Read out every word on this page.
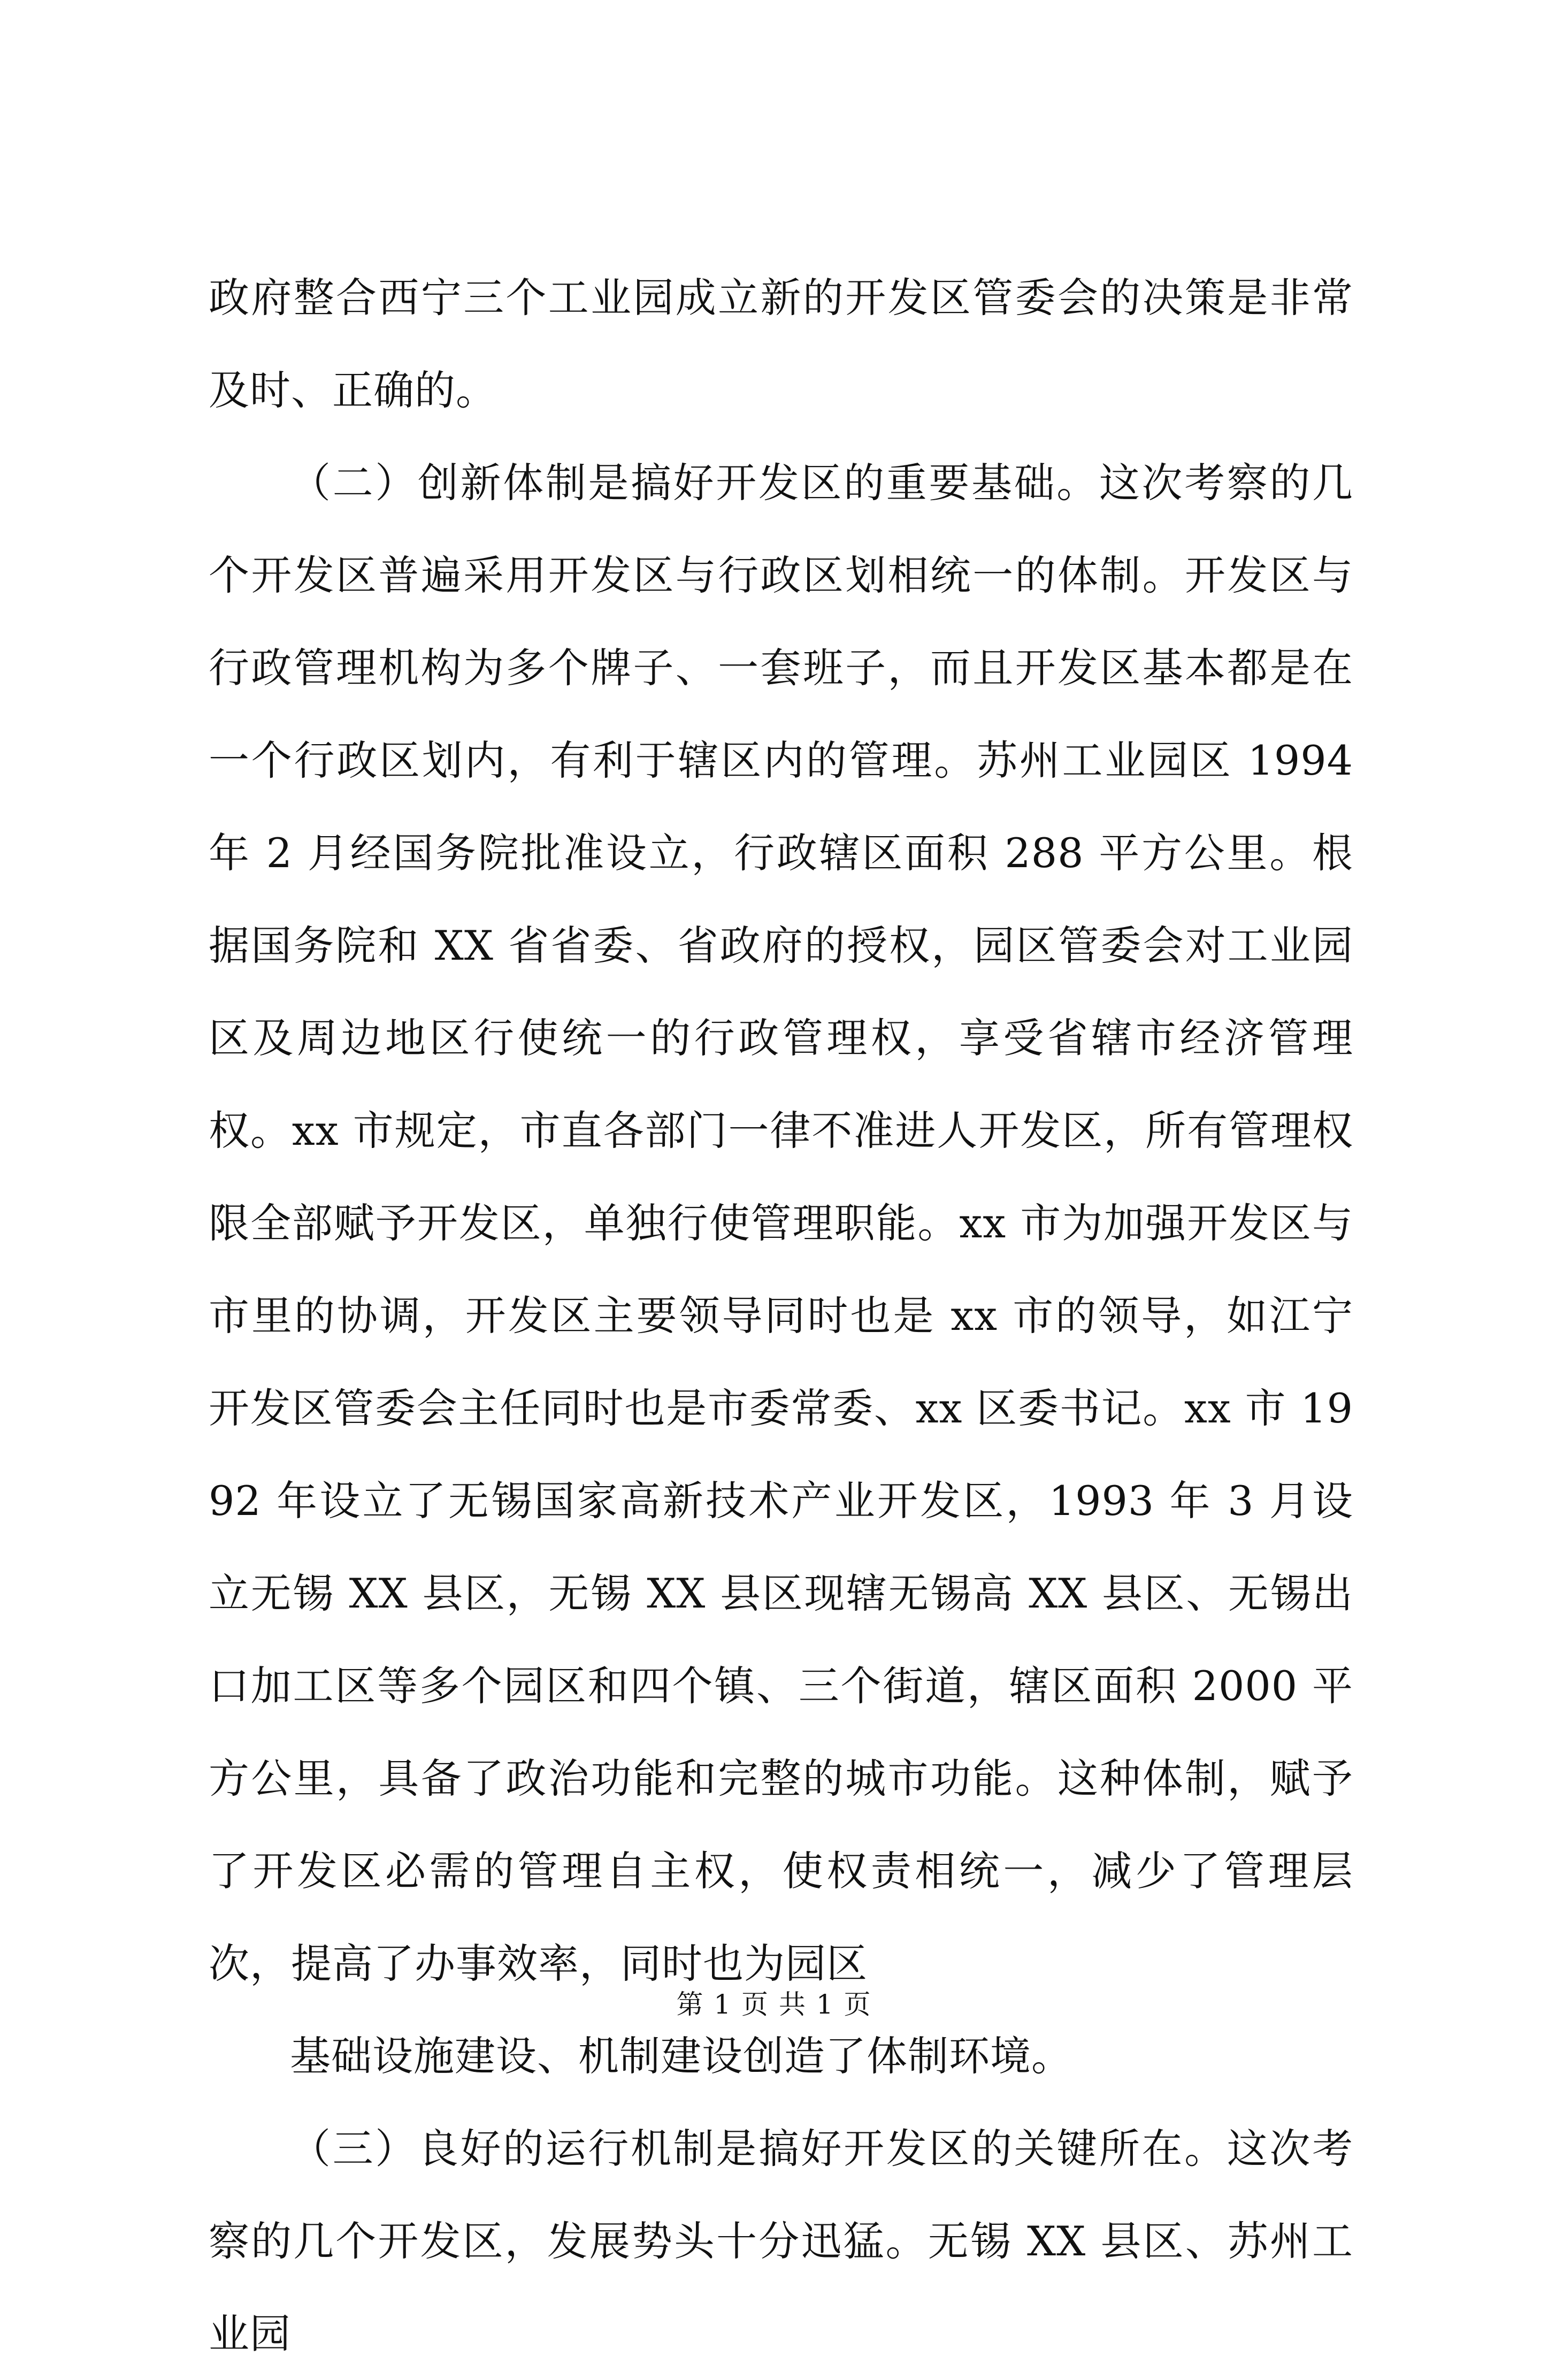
政府整合西宁三个工业园成立新的开发区管委会的决策是非常及时、正确的。

（二）创新体制是搞好开发区的重要基础。这次考察的几个开发区普遍采用开发区与行政区划相统一的体制。开发区与行政管理机构为多个牌子、一套班子，而且开发区基本都是在一个行政区划内，有利于辖区内的管理。苏州工业园区 1994 年 2 月经国务院批准设立，行政辖区面积 288 平方公里。根据国务院和 XX 省省委、省政府的授权，园区管委会对工业园区及周边地区行使统一的行政管理权，享受省辖市经济管理权。xx 市规定，市直各部门一律不准进人开发区，所有管理权限全部赋予开发区，单独行使管理职能。xx 市为加强开发区与市里的协调，开发区主要领导同时也是 xx 市的领导，如江宁开发区管委会主任同时也是市委常委、xx 区委书记。xx 市 1992 年设立了无锡国家高新技术产业开发区，1993 年 3 月设立无锡 XX 县区，无锡 XX 县区现辖无锡高 XX 县区、无锡出口加工区等多个园区和四个镇、三个街道，辖区面积 2000 平方公里，具备了政治功能和完整的城市功能。这种体制，赋予了开发区必需的管理自主权，使权责相统一，减少了管理层次，提高了办事效率，同时也为园区

基础设施建设、机制建设创造了体制环境。

（三）良好的运行机制是搞好开发区的关键所在。这次考察的几个开发区，发展势头十分迅猛。无锡 XX 县区、苏州工业园

第 1 页 共 1 页
